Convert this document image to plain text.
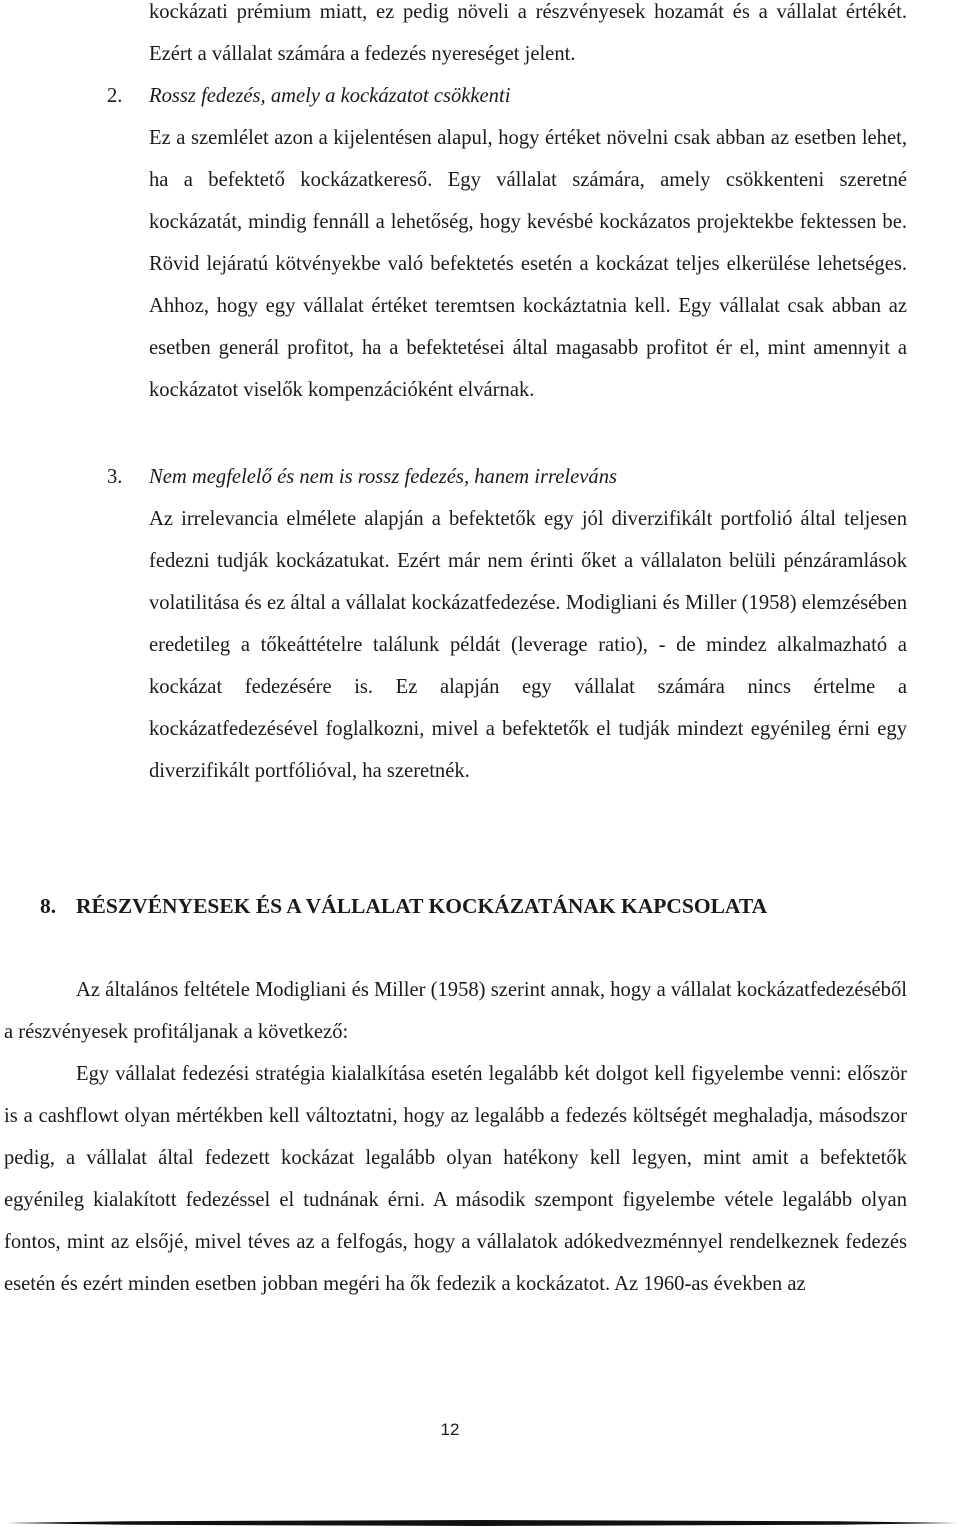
kockázati prémium miatt, ez pedig növeli a részvényesek hozamát és a vállalat értékét. Ezért a vállalat számára a fedezés nyereséget jelent.
2. Rossz fedezés, amely a kockázatot csökkenti
Ez a szemlélet azon a kijelentésen alapul, hogy értéket növelni csak abban az esetben lehet, ha a befektető kockázatkereső. Egy vállalat számára, amely csökkenteni szeretné kockázatát, mindig fennáll a lehetőség, hogy kevésbé kockázatos projektekbe fektessen be. Rövid lejáratú kötvényekbe való befektetés esetén a kockázat teljes elkerülése lehetséges. Ahhoz, hogy egy vállalat értéket teremtsen kockáztatnia kell. Egy vállalat csak abban az esetben generál profitot, ha a befektetései által magasabb profitot ér el, mint amennyit a kockázatot viselők kompenzációként elvárnak.
3. Nem megfelelő és nem is rossz fedezés, hanem irreleváns
Az irrelevancia elmélete alapján a befektetők egy jól diverzifikált portfolió által teljesen fedezni tudják kockázatukat. Ezért már nem érinti őket a vállalaton belüli pénzáramlások volatilitása és ez által a vállalat kockázatfedezése. Modigliani és Miller (1958) elemzésében eredetileg a tőkeáttételre találunk példát (leverage ratio), - de mindez alkalmazható a kockázat fedezésére is. Ez alapján egy vállalat számára nincs értelme a kockázatfedezésével foglalkozni, mivel a befektetők el tudják mindezt egyénileg érni egy diverzifikált portfólióval, ha szeretnék.
8. RÉSZVÉNYESEK ÉS A VÁLLALAT KOCKÁZATÁNAK KAPCSOLATA
Az általános feltétele Modigliani és Miller (1958) szerint annak, hogy a vállalat kockázatfedezéséből a részvényesek profitáljanak a következő:
Egy vállalat fedezési stratégia kialalkítása esetén legalább két dolgot kell figyelembe venni: először is a cashflowt olyan mértékben kell változtatni, hogy az legalább a fedezés költségét meghaladja, másodszor pedig, a vállalat által fedezett kockázat legalább olyan hatékony kell legyen, mint amit a befektetők egyénileg kialakított fedezéssel el tudnának érni. A második szempont figyelembe vétele legalább olyan fontos, mint az elsőjé, mivel téves az a felfogás, hogy a vállalatok adókedvezménnyel rendelkeznek fedezés esetén és ezért minden esetben jobban megéri ha ők fedezik a kockázatot. Az 1960-as években az
12
